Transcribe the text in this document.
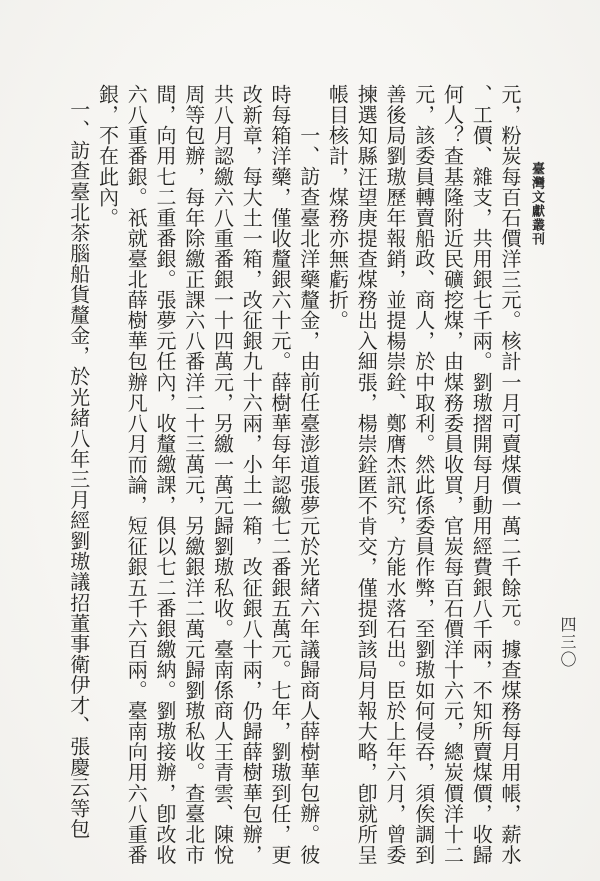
臺灣文獻叢刊
四三〇
元，粉炭每百石價洋三元。核計一月可賣煤價一萬二千餘元。據查煤務每月用帳，薪水
、工價、雜支，共用銀七千兩。劉璈摺開每月動用經費銀八千兩，不知所賣煤價，收歸
何人？查基隆附近民礦挖煤，由煤務委員收買，官炭每百石價洋十六元，總炭價洋十二
元，該委員轉賣船政、商人，於中取利。然此係委員作弊，至劉璈如何侵吞，須俟調到
善後局劉璈歷年報銷，並提楊崇銓、鄭膺杰訊究，方能水落石出。臣於上年六月，曾委
揀選知縣汪望庚提查煤務出入細張，楊崇銓匿不肯交，僅提到該局月報大略，卽就所呈
帳目核計，煤務亦無虧折。
一、訪查臺北洋藥釐金，由前任臺澎道張夢元於光緒六年議歸商人薛樹華包辦。彼
時每箱洋藥，僅收釐銀六十元。薛樹華每年認繳七二番銀五萬元。七年，劉璈到任，更
改新章，每大土一箱，改征銀九十六兩，小土一箱，改征銀八十兩，仍歸薛樹華包辦，
共八月認繳六八重番銀一十四萬元，另繳一萬元歸劉璈私收。臺南係商人王青雲、陳悅
周等包辦，每年除繳正課六八番洋二十三萬元，另繳銀洋二萬元歸劉璈私收。查臺北市
間，向用七二重番銀。張夢元任內，收釐繳課，俱以七二番銀繳納。劉璈接辦，卽改收
六八重番銀。祇就臺北薛樹華包辦凡八月而論，短征銀五千六百兩。臺南向用六八重番
銀，不在此內。
一、訪查臺北茶腦船貨釐金，於光緒八年三月經劉璈議招董事衛伊才、張慶云等包
